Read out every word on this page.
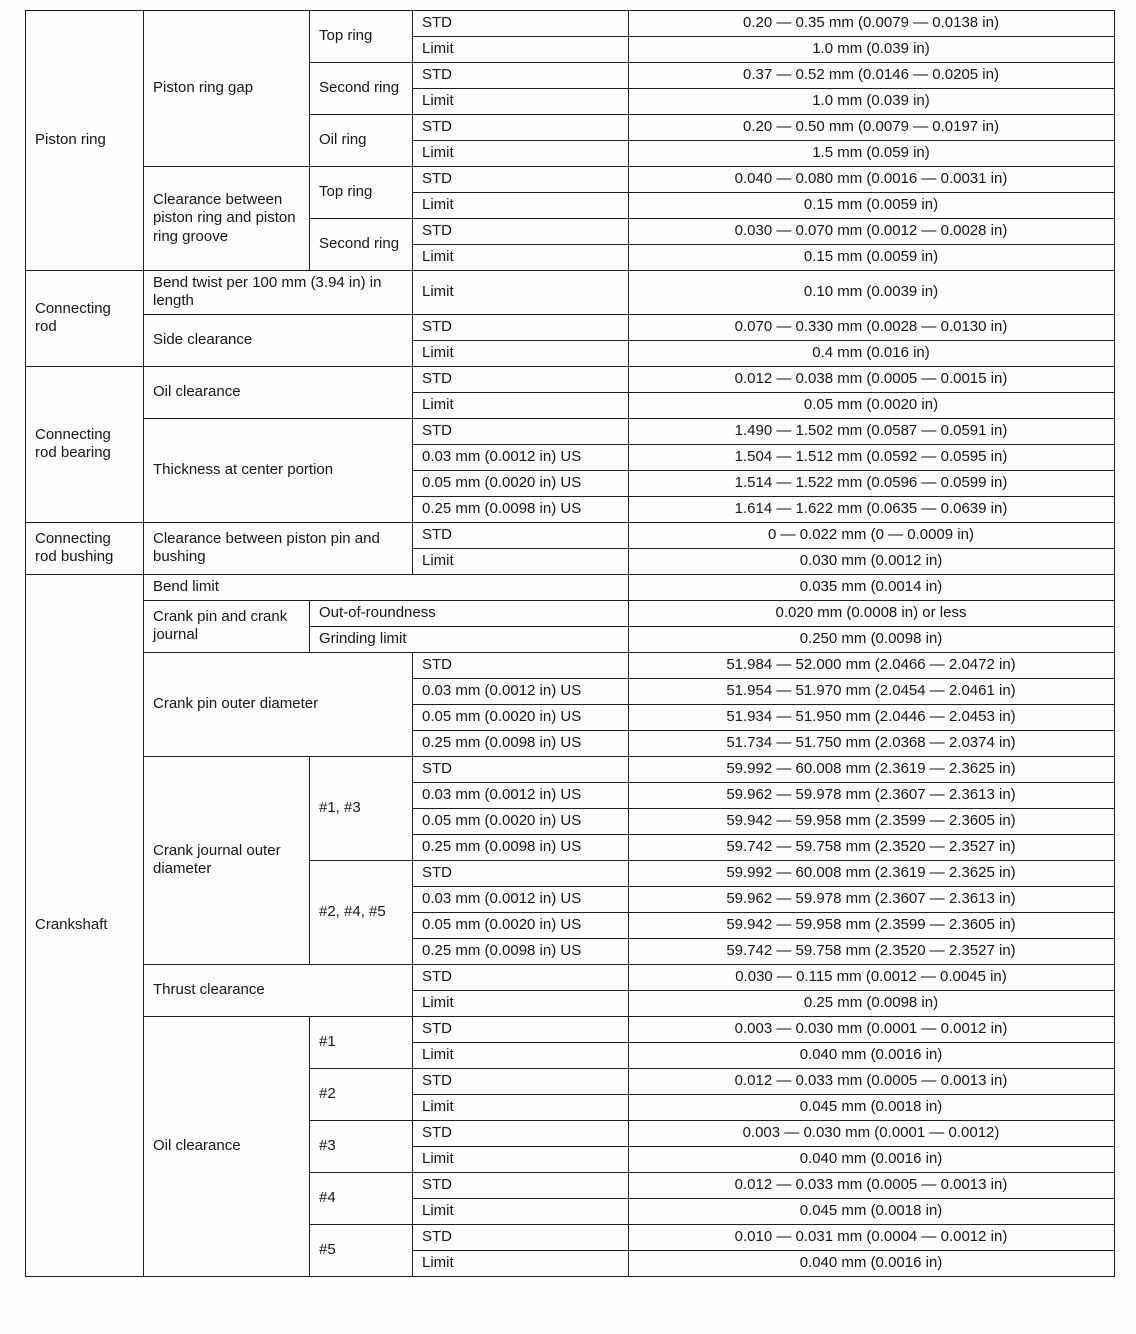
Piston ring	Piston ring gap	Top ring	STD	0.20 — 0.35 mm (0.0079 — 0.0138 in)
			Limit	1.0 mm (0.039 in)
		Second ring	STD	0.37 — 0.52 mm (0.0146 — 0.0205 in)
			Limit	1.0 mm (0.039 in)
		Oil ring	STD	0.20 — 0.50 mm (0.0079 — 0.0197 in)
			Limit	1.5 mm (0.059 in)
	Clearance between piston ring and piston ring groove	Top ring	STD	0.040 — 0.080 mm (0.0016 — 0.0031 in)
			Limit	0.15 mm (0.0059 in)
		Second ring	STD	0.030 — 0.070 mm (0.0012 — 0.0028 in)
			Limit	0.15 mm (0.0059 in)
Connecting rod	Bend twist per 100 mm (3.94 in) in length		Limit	0.10 mm (0.0039 in)
	Side clearance		STD	0.070 — 0.330 mm (0.0028 — 0.0130 in)
			Limit	0.4 mm (0.016 in)
Connecting rod bearing	Oil clearance		STD	0.012 — 0.038 mm (0.0005 — 0.0015 in)
			Limit	0.05 mm (0.0020 in)
	Thickness at center portion		STD	1.490 — 1.502 mm (0.0587 — 0.0591 in)
			0.03 mm (0.0012 in) US	1.504 — 1.512 mm (0.0592 — 0.0595 in)
			0.05 mm (0.0020 in) US	1.514 — 1.522 mm (0.0596 — 0.0599 in)
			0.25 mm (0.0098 in) US	1.614 — 1.622 mm (0.0635 — 0.0639 in)
Connecting rod bushing	Clearance between piston pin and bushing		STD	0 — 0.022 mm (0 — 0.0009 in)
			Limit	0.030 mm (0.0012 in)
Crankshaft	Bend limit			0.035 mm (0.0014 in)
	Crank pin and crank journal	Out-of-roundness		0.020 mm (0.0008 in) or less
		Grinding limit		0.250 mm (0.0098 in)
	Crank pin outer diameter		STD	51.984 — 52.000 mm (2.0466 — 2.0472 in)
			0.03 mm (0.0012 in) US	51.954 — 51.970 mm (2.0454 — 2.0461 in)
			0.05 mm (0.0020 in) US	51.934 — 51.950 mm (2.0446 — 2.0453 in)
			0.25 mm (0.0098 in) US	51.734 — 51.750 mm (2.0368 — 2.0374 in)
	Crank journal outer diameter	#1, #3	STD	59.992 — 60.008 mm (2.3619 — 2.3625 in)
			0.03 mm (0.0012 in) US	59.962 — 59.978 mm (2.3607 — 2.3613 in)
			0.05 mm (0.0020 in) US	59.942 — 59.958 mm (2.3599 — 2.3605 in)
			0.25 mm (0.0098 in) US	59.742 — 59.758 mm (2.3520 — 2.3527 in)
		#2, #4, #5	STD	59.992 — 60.008 mm (2.3619 — 2.3625 in)
			0.03 mm (0.0012 in) US	59.962 — 59.978 mm (2.3607 — 2.3613 in)
			0.05 mm (0.0020 in) US	59.942 — 59.958 mm (2.3599 — 2.3605 in)
			0.25 mm (0.0098 in) US	59.742 — 59.758 mm (2.3520 — 2.3527 in)
	Thrust clearance		STD	0.030 — 0.115 mm (0.0012 — 0.0045 in)
			Limit	0.25 mm (0.0098 in)
	Oil clearance	#1	STD	0.003 — 0.030 mm (0.0001 — 0.0012 in)
			Limit	0.040 mm (0.0016 in)
		#2	STD	0.012 — 0.033 mm (0.0005 — 0.0013 in)
			Limit	0.045 mm (0.0018 in)
		#3	STD	0.003 — 0.030 mm (0.0001 — 0.0012)
			Limit	0.040 mm (0.0016 in)
		#4	STD	0.012 — 0.033 mm (0.0005 — 0.0013 in)
			Limit	0.045 mm (0.0018 in)
		#5	STD	0.010 — 0.031 mm (0.0004 — 0.0012 in)
			Limit	0.040 mm (0.0016 in)
